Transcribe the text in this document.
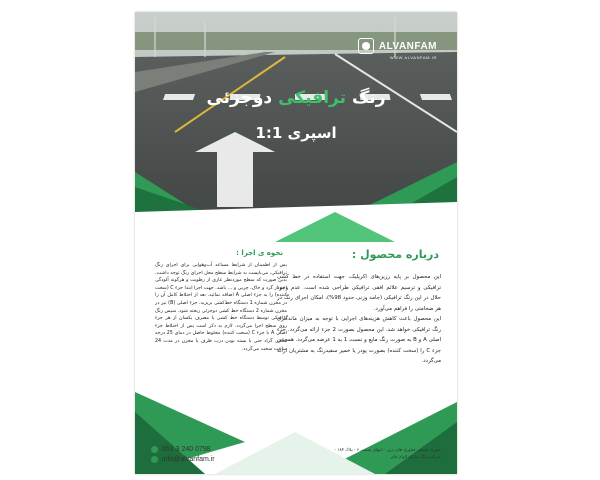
ALVANFAM
WWW.ALVANFAM.IR
رنگ ترافیکی دوجزئی
اسپری 1:1
درباره محصول :

این محصول بر پایه رزین‌های اکریلیک، جهت استفاده در خط کشی ترافیکی و ترسیم علائم افقی ترافیکی طراحی شده است. عدم وجود حلال در این رنگ ترافیکی (جامد وزنی حدود 98%)، امکان اجرای رنگ در هر ضخامتی را فراهم می‌آورد.

این محصول باعث کاهش هزینه‌های اجرایی با توجه به میزان ماندگاری رنگ ترافیکی خواهد شد. این محصول بصورت 2 جزء ارائه می‌گردد. جزء اصلی A و B به صورت رنگ مایع و نسبت 1 به 1 عرضه می‌گردد. همچنین جزء C را (سخت کننده) بصورت پودر یا خمیر سفیدرنگ به مشتریان ارائه می‌گردد.

نحوه ی اجرا :
پس از اطمینان از شرایط مساعد آب‌وهوایی برای اجرای رنگ ترافیکی، می‌بایست به شرایط سطح محل اجرای رنگ توجه داشت. بدین صورت که سطح موردنظر عاری از رطوبت و هرگونه آلودگی اعم از گرد و خاک، چربی و ... باشد. جهت اجرا ابتدا جزء C (سخت کننده) را به جزء اصلی A اضافه نمائید. بعد از اختلاط کامل آن را در مخزن شماره 1 دستگاه خط‌کشی بریزید. جزء اصلی (B) نیز در مخزن شماره 2 دستگاه خط کشی دوجزئی ریخته شود. سپس رنگ ترافیکی توسط دستگاه خط کشی با مصرف یکسان از هر جزء روی سطح اجرا می‌گردد. لازم به ذکر است پس از اختلاط جزء اصلی A با جزء C (سخت کننده) مخلوط حاصل در دمای 25 درجه سانتی گراد حتی با بسته بودن درب ظرف یا مخزن در مدت 24 ساعت سخت می‌گردد.
051 3 240 0798
info@alvanfam.ir
شهرک صنعتی فناوری های برتر - انتهای صنعت ۶ - پلاک ۱۸۴ - شرکت رنگ سازان الوان فام
